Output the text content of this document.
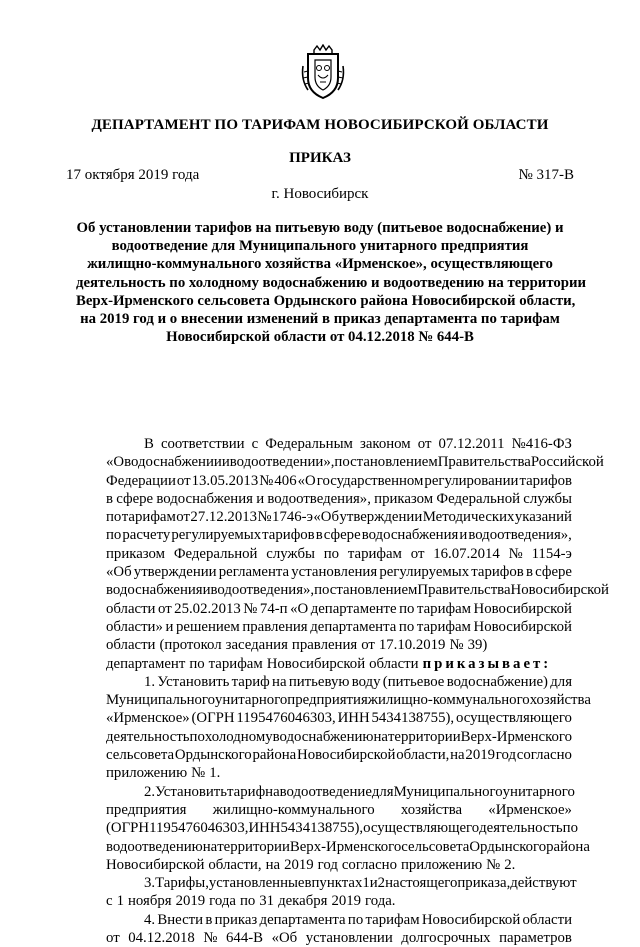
ДЕПАРТАМЕНТ ПО ТАРИФАМ НОВОСИБИРСКОЙ ОБЛАСТИ
ПРИКАЗ
17 октября 2019 года	№ 317-В
г. Новосибирск
Об установлении тарифов на питьевую воду (питьевое водоснабжение) и
водоотведение для Муниципального унитарного предприятия
жилищно-коммунального хозяйства «Ирменское», осуществляющего
деятельность по холодному водоснабжению и водоотведению на территории
Верх-Ирменского сельсовета Ордынского района Новосибирской области,
на 2019 год и о внесении изменений в приказ департамента по тарифам
Новосибирской области от 04.12.2018 № 644-В
В соответствии с Федеральным законом от 07.12.2011 №416-ФЗ
«О водоснабжении и водоотведении», постановлением Правительства Российской
Федерации от 13.05.2013 № 406 «О государственном регулировании тарифов
в сфере водоснабжения и водоотведения», приказом Федеральной службы
по тарифам от 27.12.2013 № 1746-э «Об утверждении Методических указаний
по расчету регулируемых тарифов в сфере водоснабжения и водоотведения»,
приказом Федеральной службы по тарифам от 16.07.2014 № 1154-э
«Об утверждении регламента установления регулируемых тарифов в сфере
водоснабжения и водоотведения», постановлением Правительства Новосибирской
области от 25.02.2013 № 74-п «О департаменте по тарифам Новосибирской
области» и решением правления департамента по тарифам Новосибирской
области (протокол заседания правления от 17.10.2019 № 39)
департамент по тарифам Новосибирской области приказывает:
1. Установить тариф на питьевую воду (питьевое водоснабжение) для
Муниципального унитарного предприятия жилищно-коммунального хозяйства
«Ирменское» (ОГРН 1195476046303, ИНН 5434138755), осуществляющего
деятельность по холодному водоснабжению на территории Верх-Ирменского
сельсовета Ордынского района Новосибирской области, на 2019 год согласно
приложению № 1.
2. Установить тариф на водоотведение для Муниципального унитарного
предприятия жилищно-коммунального хозяйства «Ирменское»
(ОГРН 1195476046303, ИНН 5434138755), осуществляющего деятельность по
водоотведению на территории Верх-Ирменского сельсовета Ордынского района
Новосибирской области, на 2019 год согласно приложению № 2.
3. Тарифы, установленные в пунктах 1 и 2 настоящего приказа, действуют
с 1 ноября 2019 года по 31 декабря 2019 года.
4. Внести в приказ департамента по тарифам Новосибирской области
от 04.12.2018 № 644-В «Об установлении долгосрочных параметров
